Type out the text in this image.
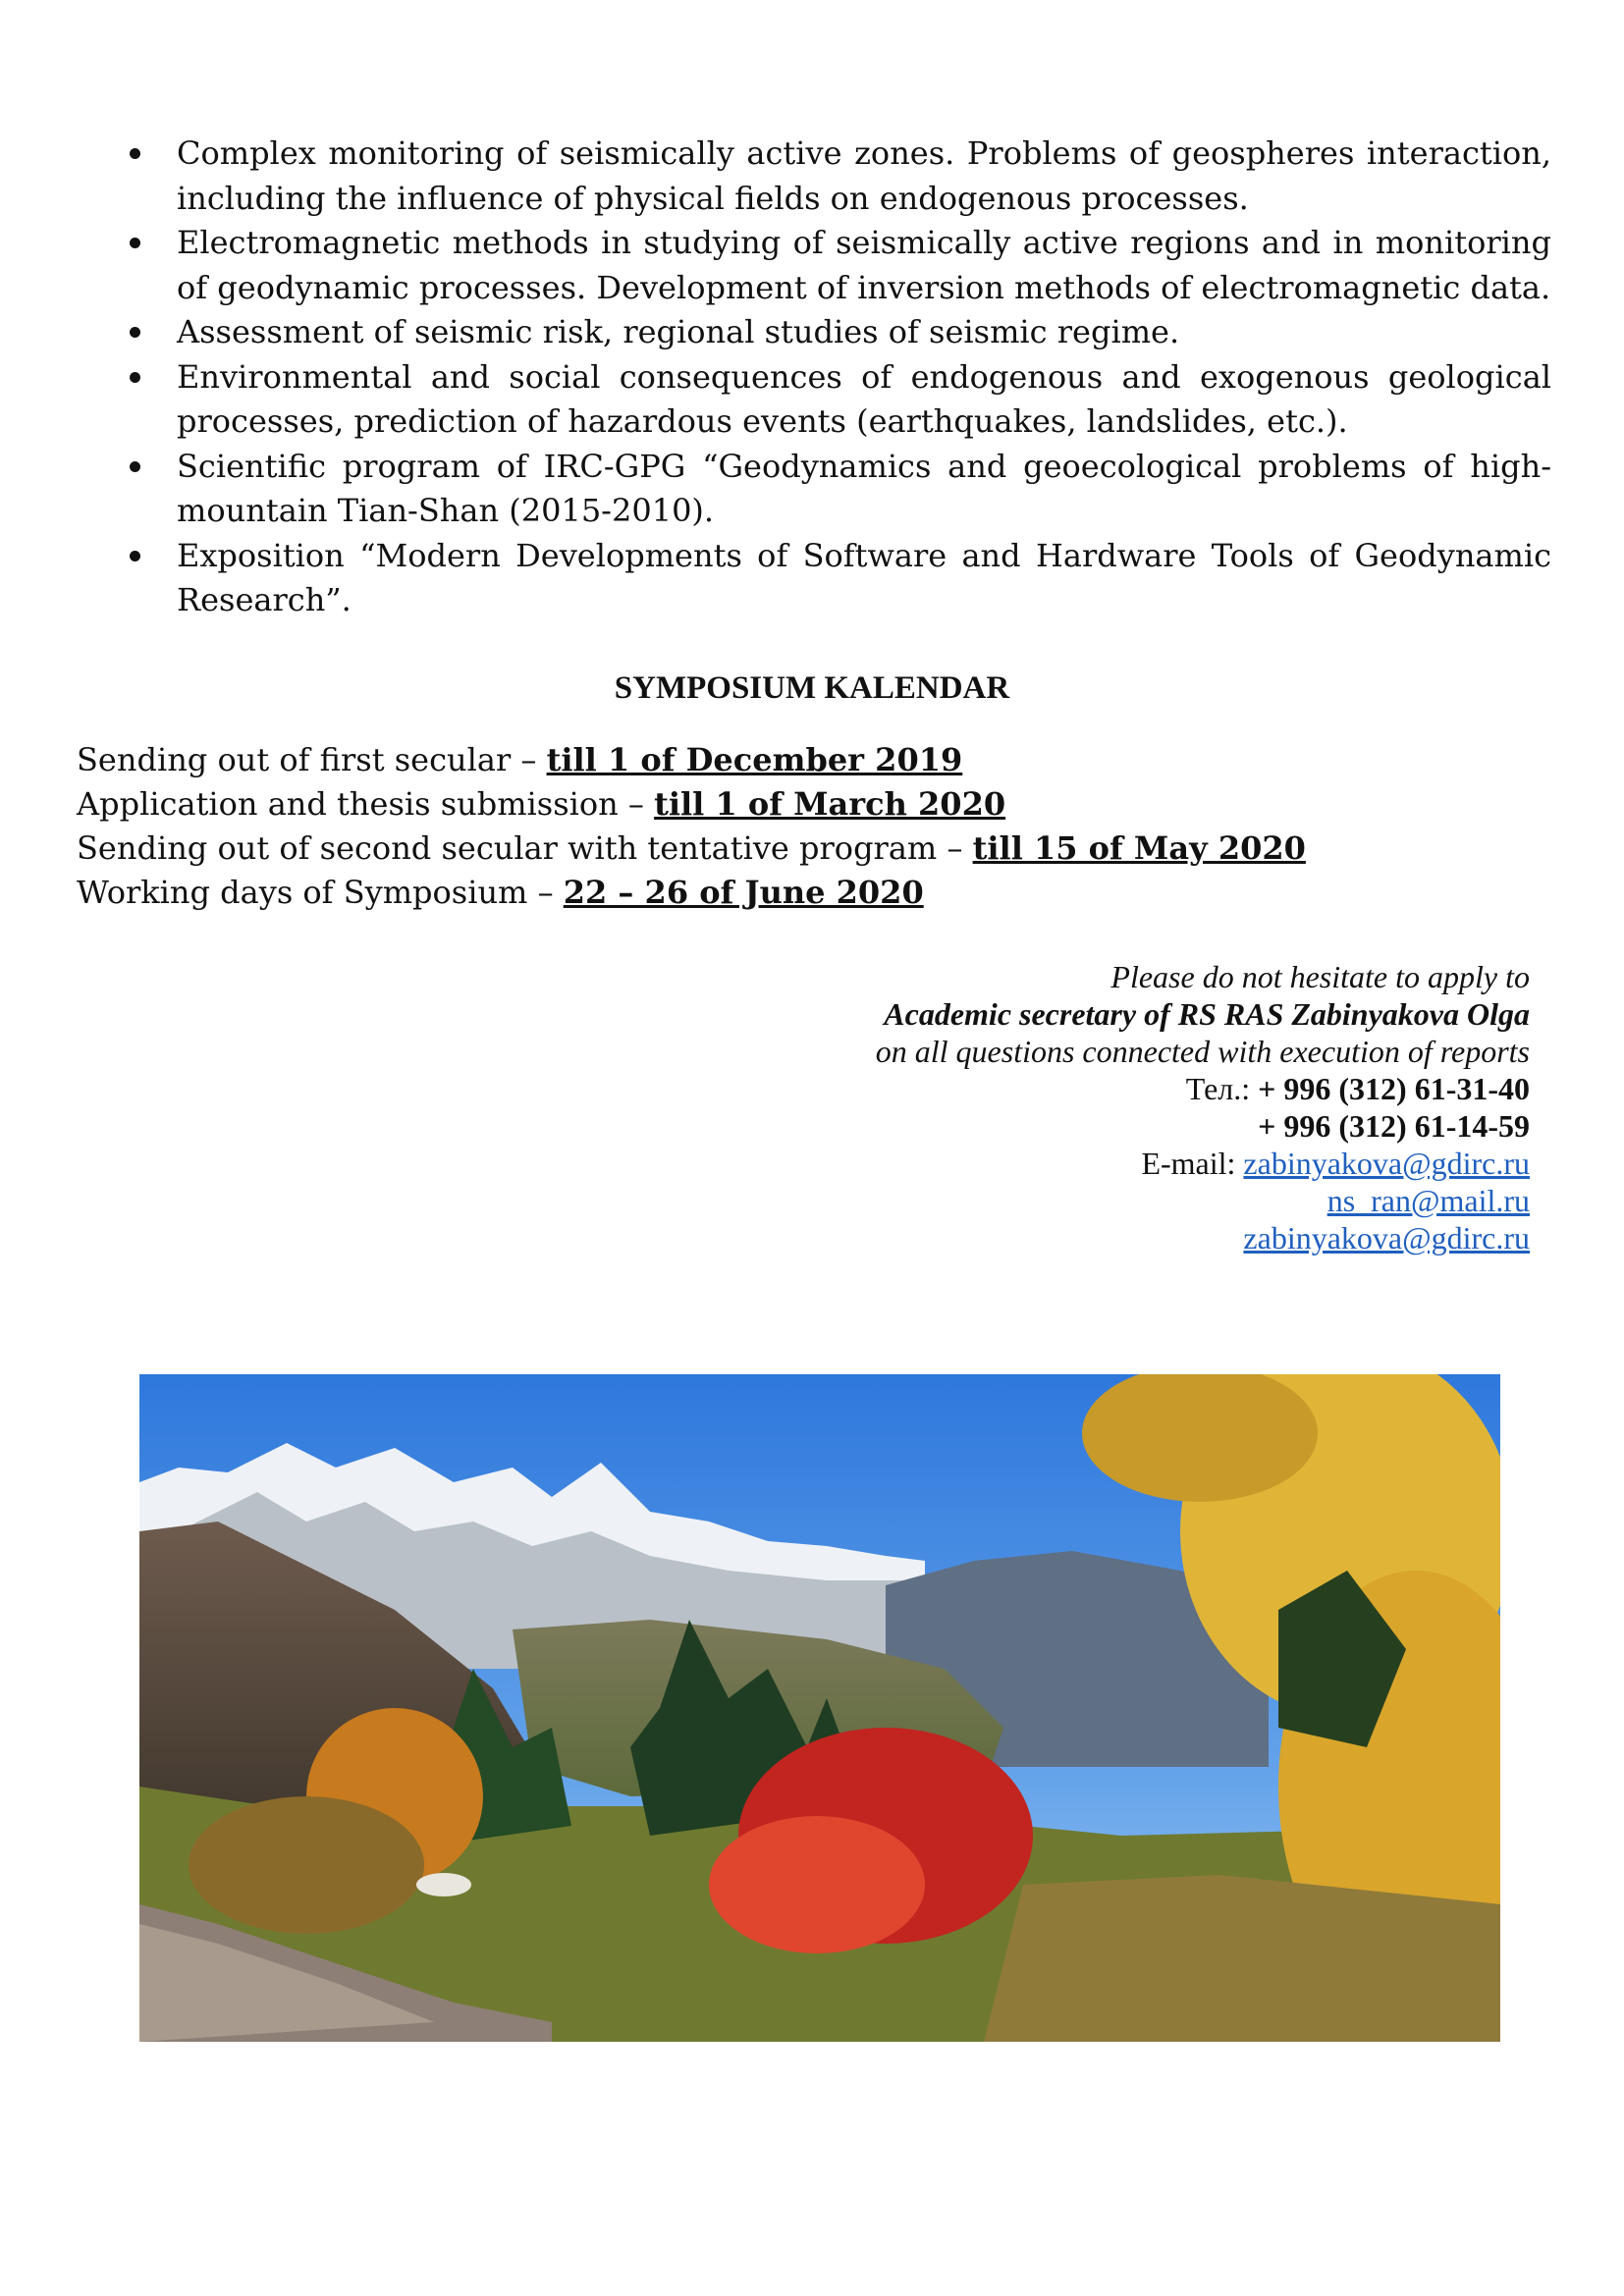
Complex monitoring of seismically active zones. Problems of geospheres interaction, including the influence of physical fields on endogenous processes.
Electromagnetic methods in studying of seismically active regions and in monitoring of geodynamic processes. Development of inversion methods of electromagnetic data.
Assessment of seismic risk, regional studies of seismic regime.
Environmental and social consequences of endogenous and exogenous geological processes, prediction of hazardous events (earthquakes, landslides, etc.).
Scientific program of IRC-GPG “Geodynamics and geoecological problems of high-mountain Tian-Shan (2015-2010).
Exposition “Modern Developments of Software and Hardware Tools of Geodynamic Research”.
SYMPOSIUM KALENDAR
Sending out of first secular – till 1 of December 2019
Application and thesis submission – till 1 of March 2020
Sending out of second secular with tentative program – till 15 of May 2020
Working days of Symposium – 22 – 26 of June 2020
Please do not hesitate to apply to
Academic secretary of RS RAS Zabinyakova Olga
on all questions connected with execution of reports
Тел.: + 996 (312) 61-31-40
+ 996 (312) 61-14-59
E-mail: zabinyakova@gdirc.ru
ns_ran@mail.ru
zabinyakova@gdirc.ru
